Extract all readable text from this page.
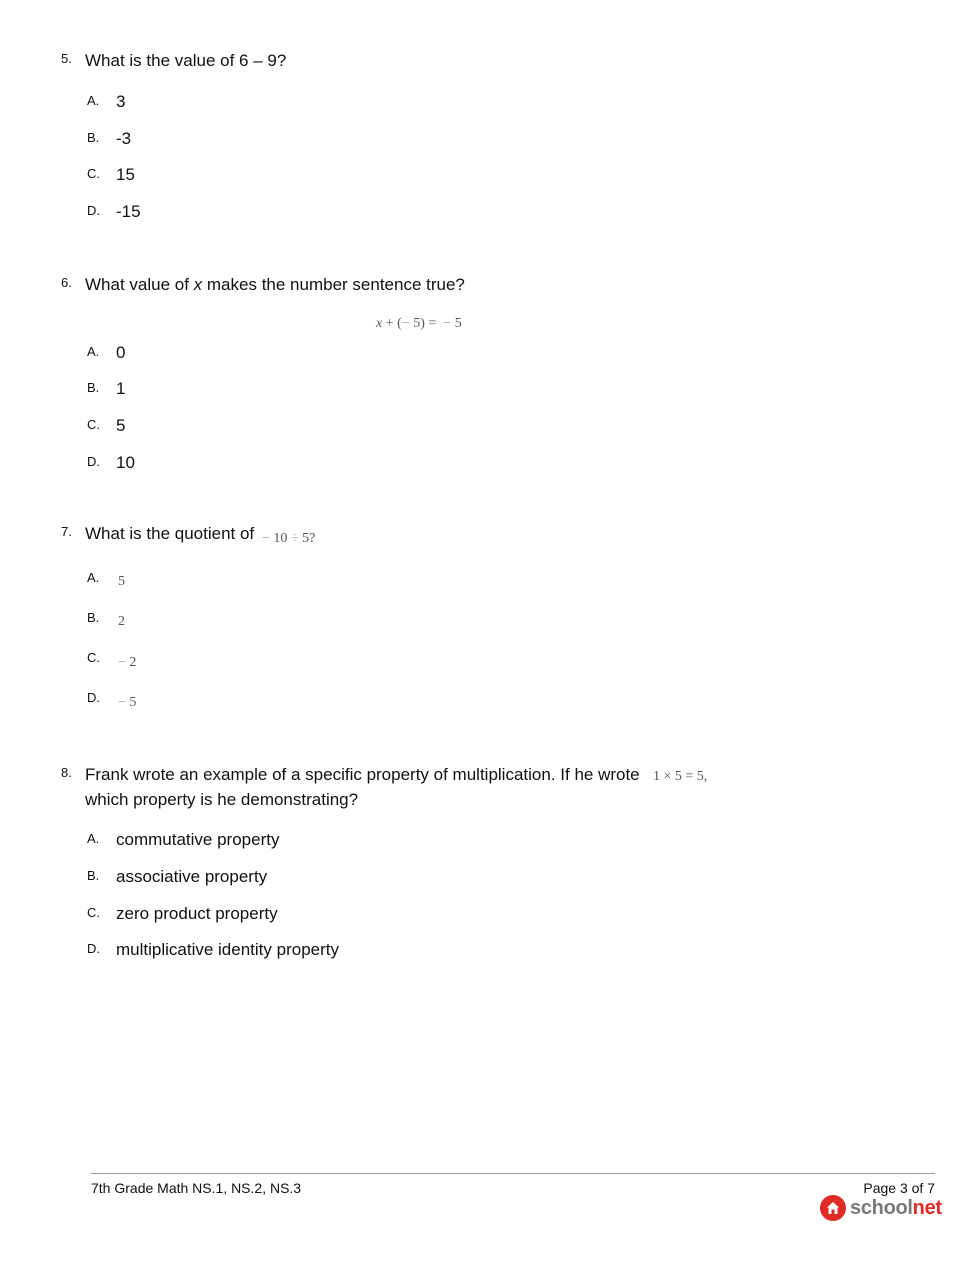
5. What is the value of 6 – 9?
A. 3
B. -3
C. 15
D. -15
6. What value of x makes the number sentence true?
x + (− 5) = − 5
A. 0
B. 1
C. 5
D. 10
7. What is the quotient of − 10 ÷ 5?
A. 5
B. 2
C. − 2
D. − 5
8. Frank wrote an example of a specific property of multiplication. If he wrote 1 × 5 = 5,
which property is he demonstrating?
A. commutative property
B. associative property
C. zero product property
D. multiplicative identity property
7th Grade Math NS.1, NS.2, NS.3	Page 3 of 7
schoolnet
